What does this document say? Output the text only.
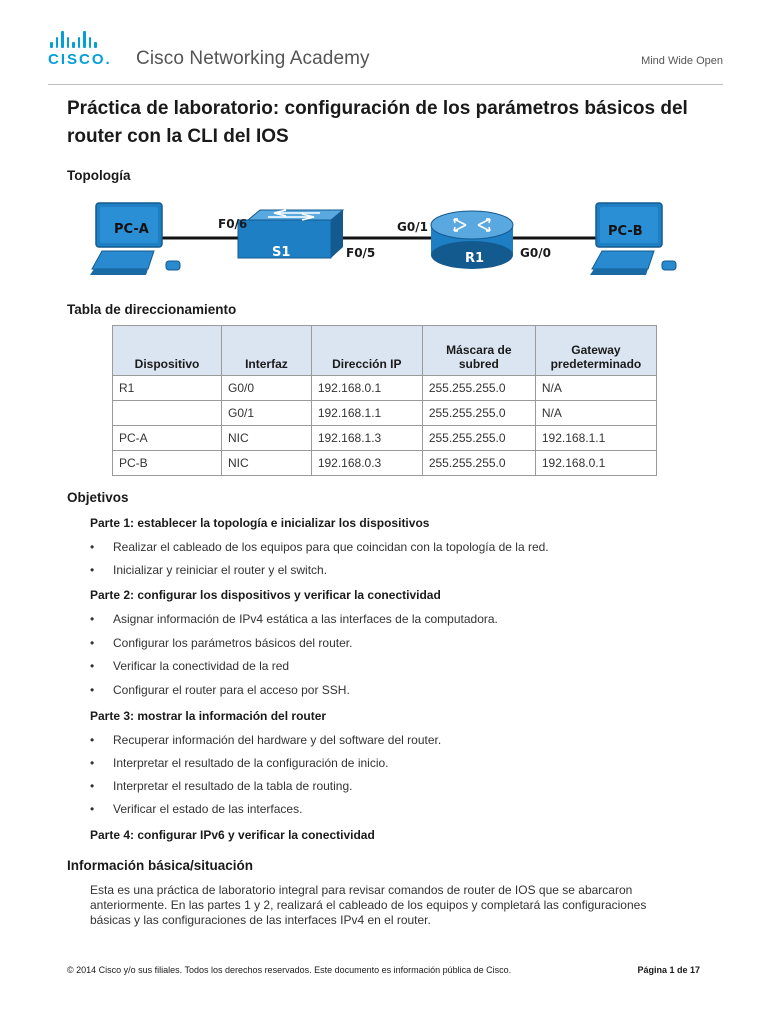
CISCO. Cisco Networking Academy	Mind Wide Open
Práctica de laboratorio: configuración de los parámetros básicos del router con la CLI del IOS
Topología
PC-A
S1	R1
PC-B
F0/6
F0/5
G0/1
G0/0
Tabla de direccionamiento
Dispositivo	Interfaz	Dirección IP	Máscara de subred	Gateway predeterminado
R1	G0/0	192.168.0.1	255.255.255.0	N/A
	G0/1	192.168.1.1	255.255.255.0	N/A
PC-A	NIC	192.168.1.3	255.255.255.0	192.168.1.1
PC-B	NIC	192.168.0.3	255.255.255.0	192.168.0.1
Objetivos
Parte 1: establecer la topología e inicializar los dispositivos
• Realizar el cableado de los equipos para que coincidan con la topología de la red.
• Inicializar y reiniciar el router y el switch.
Parte 2: configurar los dispositivos y verificar la conectividad
• Asignar información de IPv4 estática a las interfaces de la computadora.
• Configurar los parámetros básicos del router.
• Verificar la conectividad de la red
• Configurar el router para el acceso por SSH.
Parte 3: mostrar la información del router
• Recuperar información del hardware y del software del router.
• Interpretar el resultado de la configuración de inicio.
• Interpretar el resultado de la tabla de routing.
• Verificar el estado de las interfaces.
Parte 4: configurar IPv6 y verificar la conectividad
Información básica/situación
Esta es una práctica de laboratorio integral para revisar comandos de router de IOS que se abarcaron anteriormente. En las partes 1 y 2, realizará el cableado de los equipos y completará las configuraciones básicas y las configuraciones de las interfaces IPv4 en el router.
© 2014 Cisco y/o sus filiales. Todos los derechos reservados. Este documento es información pública de Cisco.	Página 1 de 17
